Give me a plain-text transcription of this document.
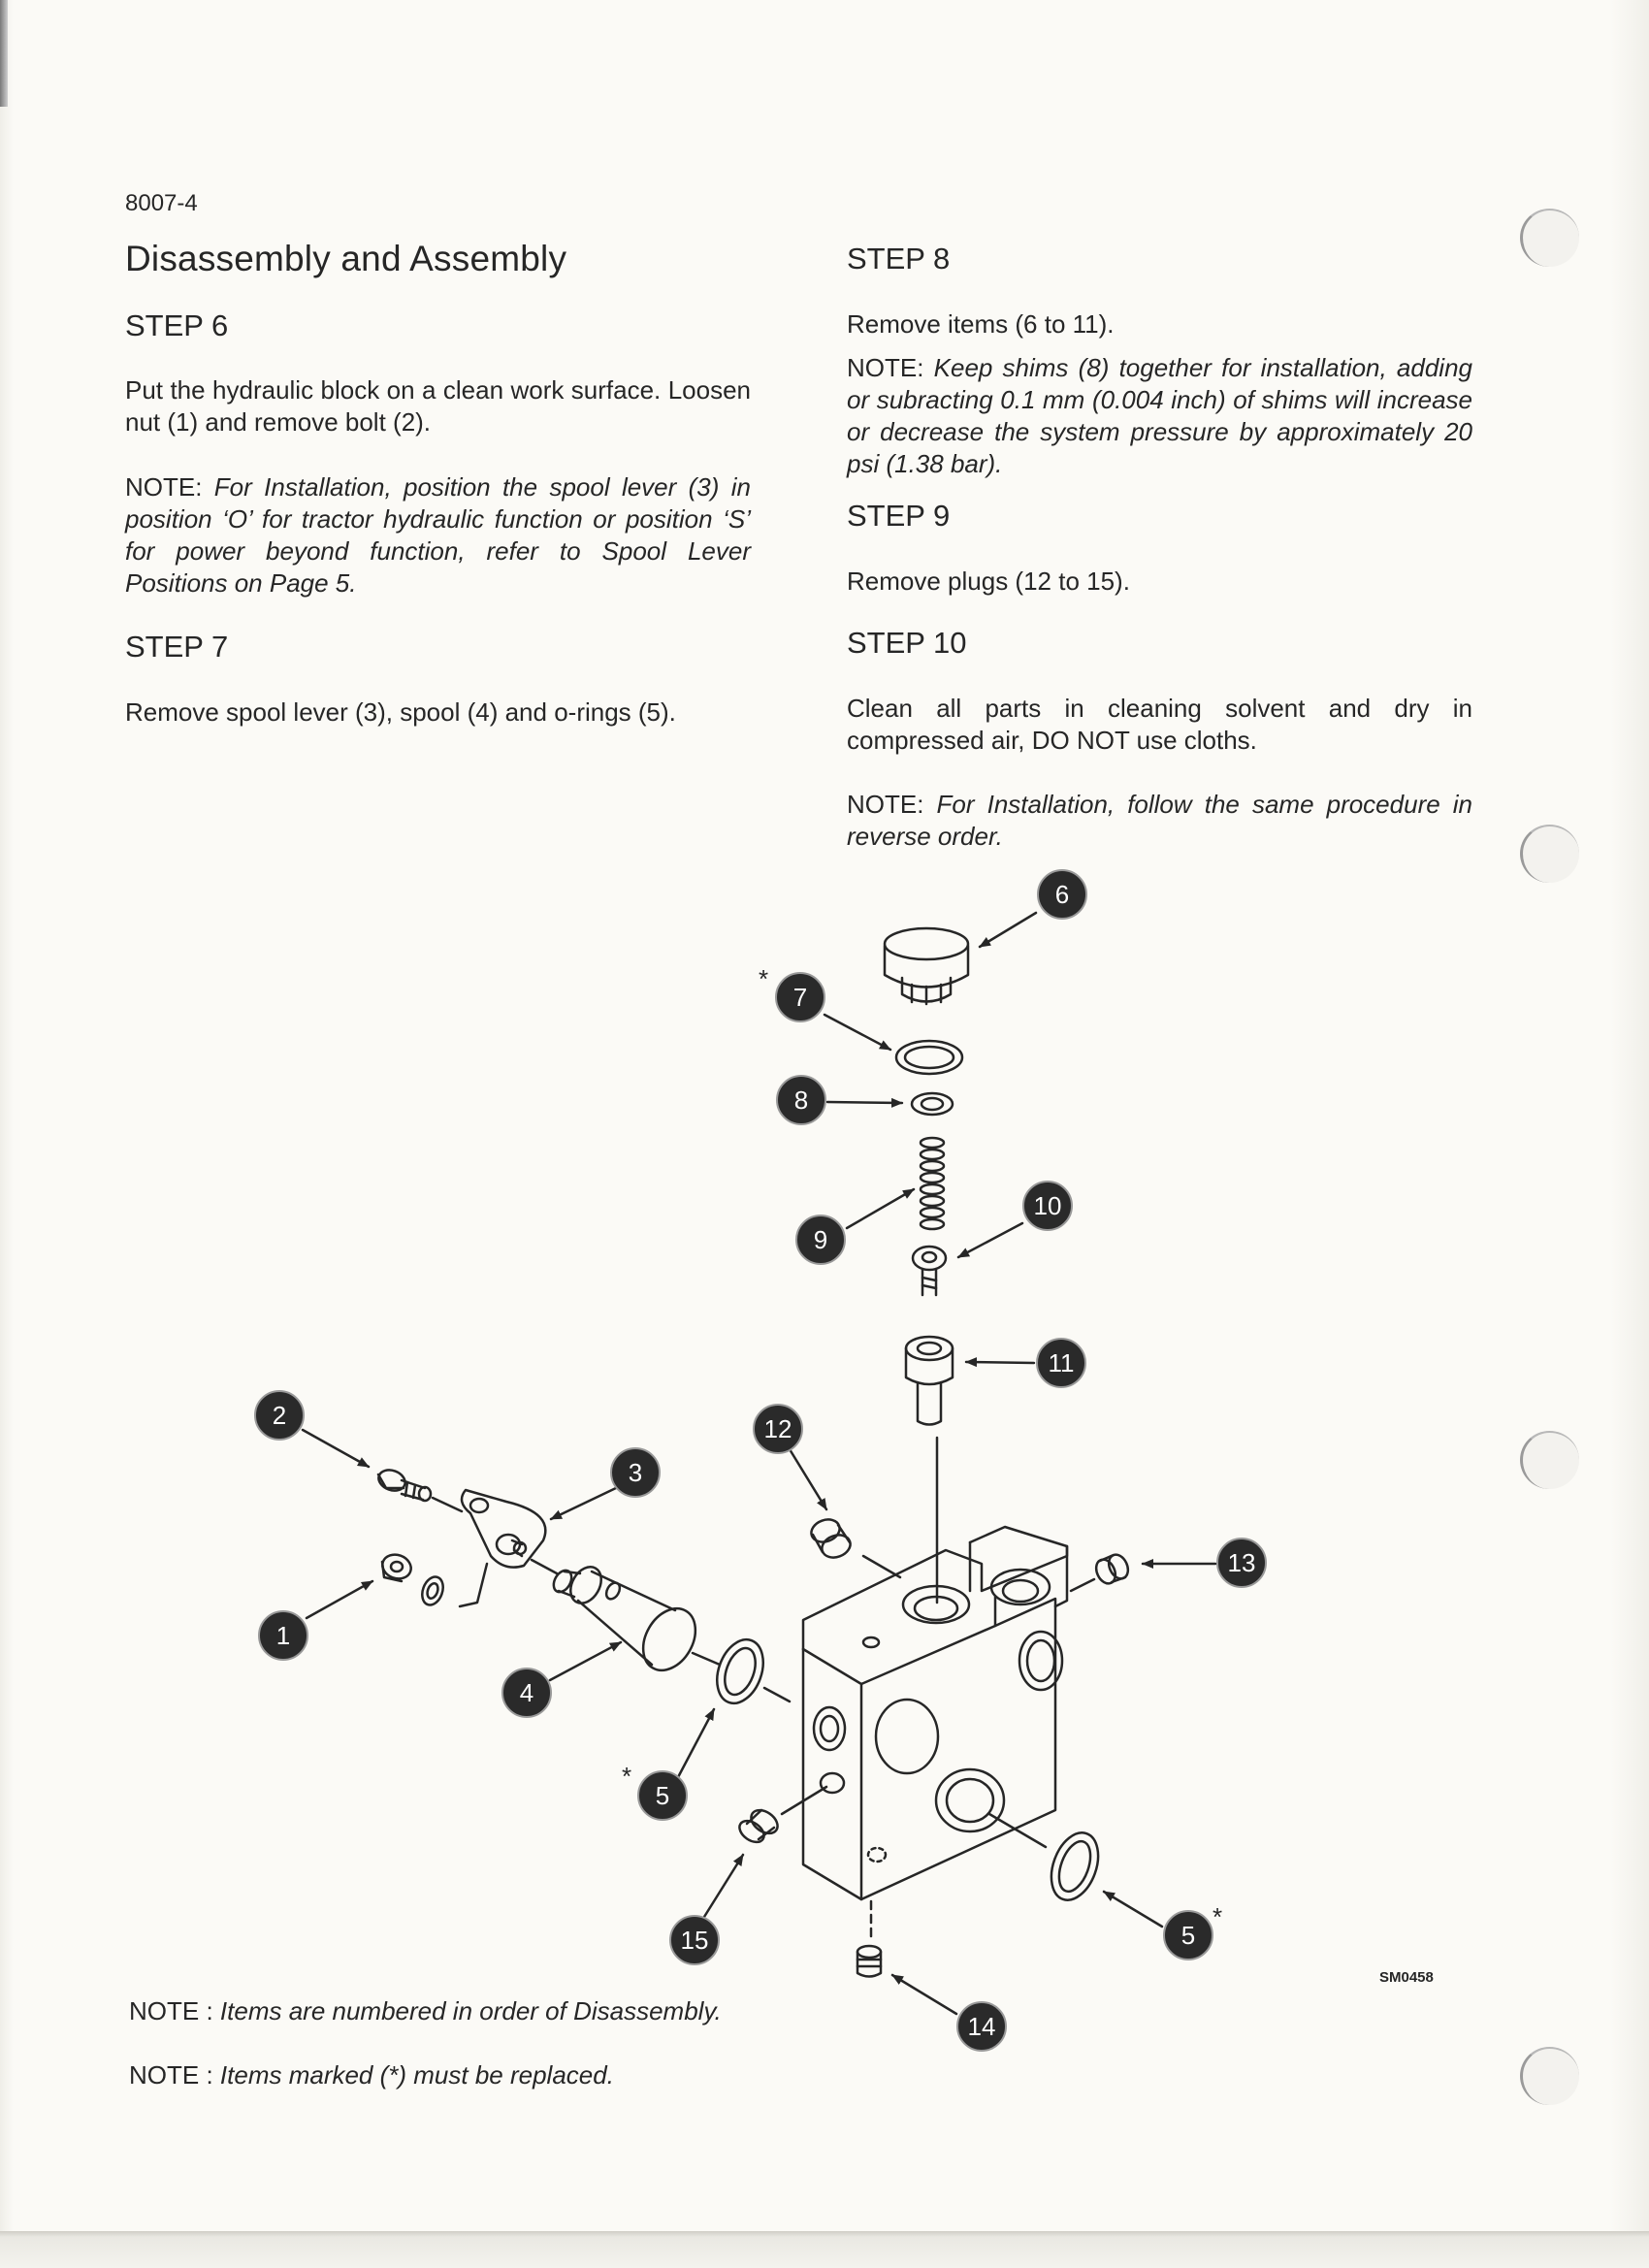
8007-4
Disassembly and Assembly
STEP 6
Put the hydraulic block on a clean work surface. Loosen nut (1) and remove bolt (2).
NOTE: For Installation, position the spool lever (3) in position ‘O’ for tractor hydraulic function or position ‘S’ for power beyond function, refer to Spool Lever Positions on Page 5.
STEP 7
Remove spool lever (3), spool (4) and o-rings (5).
STEP 8
Remove items (6 to 11).
NOTE: Keep shims (8) together for installation, adding or subracting 0.1 mm (0.004 inch) of shims will increase or decrease the system pressure by approximately 20 psi (1.38 bar).
STEP 9
Remove plugs (12 to 15).
STEP 10
Clean all parts in cleaning solvent and dry in compressed air, DO NOT use cloths.
NOTE: For Installation, follow the same procedure in reverse order.
6
7
8
9
10
11
12
13
2
3
1
4
5
5
14
15
*
*
*
SM0458
NOTE : Items are numbered in order of Disassembly.
NOTE : Items marked (*) must be replaced.
